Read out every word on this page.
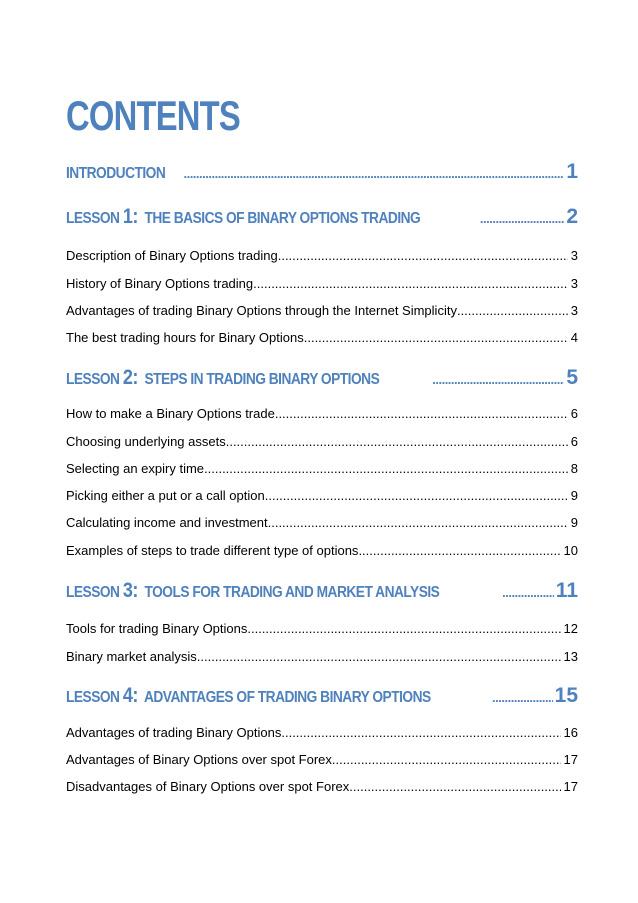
CONTENTS
INTRODUCTION .....	1
LESSON 1: THE BASICS OF BINARY OPTIONS TRADING .....	2
Description of Binary Options trading .....	3
History of Binary Options trading .....	3
Advantages of trading Binary Options through the Internet Simplicity .....	3
The best trading hours for Binary Options .....	4
LESSON 2: STEPS IN TRADING BINARY OPTIONS .....	5
How to make a Binary Options trade .....	6
Choosing underlying assets .....	6
Selecting an expiry time .....	8
Picking either a put or a call option .....	9
Calculating income and investment .....	9
Examples of steps to trade different type of options .....	10
LESSON 3: TOOLS FOR TRADING AND MARKET ANALYSIS .....	11
Tools for trading Binary Options .....	12
Binary market analysis .....	13
LESSON 4: ADVANTAGES OF TRADING BINARY OPTIONS .....	15
Advantages of trading Binary Options .....	16
Advantages of Binary Options over spot Forex .....	17
Disadvantages of Binary Options over spot Forex .....	17
